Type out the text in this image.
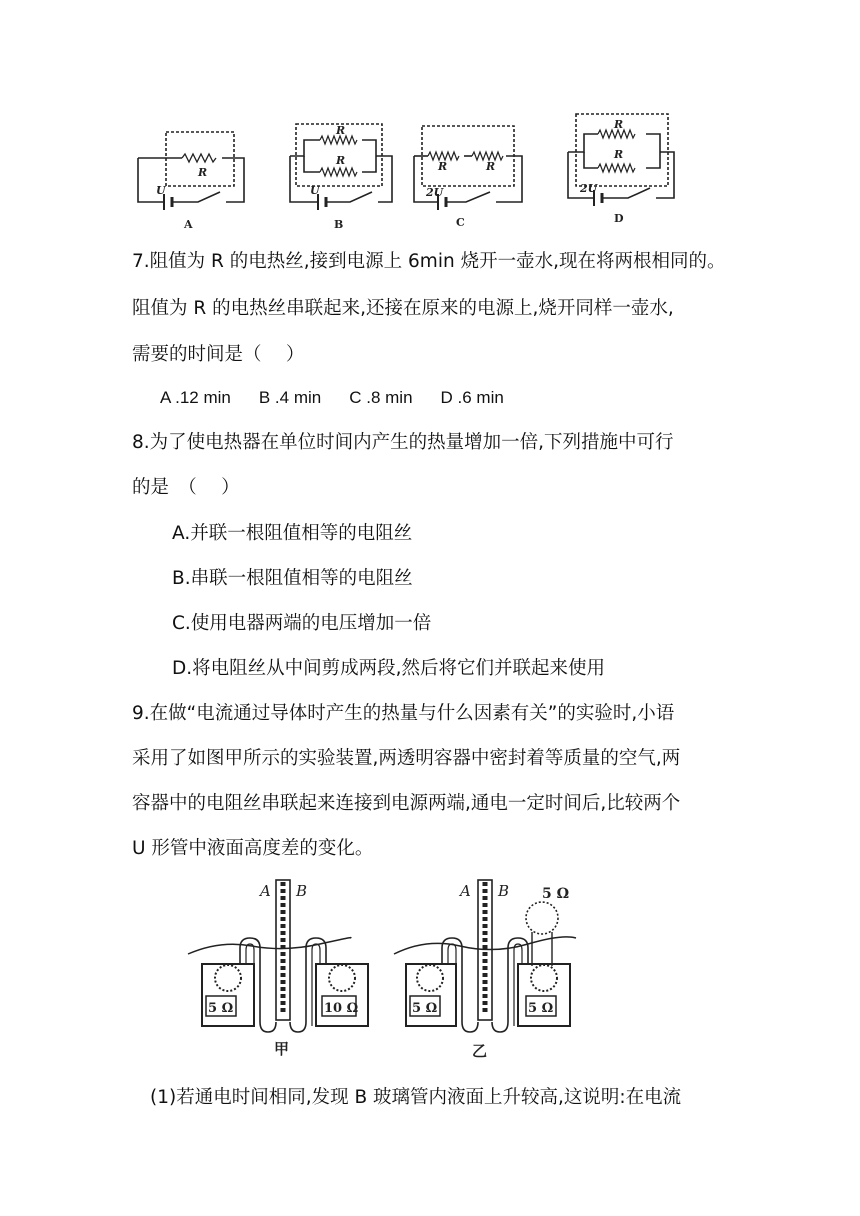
R
U
A
R
R
U
B
R	R
2U
C
R
R
2U
D
7.阻值为 R 的电热丝,接到电源上 6min 烧开一壶水,现在将两根相同的。
阻值为 R 的电热丝串联起来,还接在原来的电源上,烧开同样一壶水,
需要的时间是（　 ）
A .12 min B .4 min C .8 min D .6 min
8.为了使电热器在单位时间内产生的热量增加一倍,下列措施中可行
的是　（　 ）
A.并联一根阻值相等的电阻丝
B.串联一根阻值相等的电阻丝
C.使用电器两端的电压增加一倍
D.将电阻丝从中间剪成两段,然后将它们并联起来使用
9.在做“电流通过导体时产生的热量与什么因素有关”的实验时,小语
采用了如图甲所示的实验装置,两透明容器中密封着等质量的空气,两
容器中的电阻丝串联起来连接到电源两端,通电一定时间后,比较两个
U 形管中液面高度差的变化。
A B
5 Ω	10 Ω
甲
A B 5 Ω
5 Ω	5 Ω
乙
(1)若通电时间相同,发现 B 玻璃管内液面上升较高,这说明:在电流
